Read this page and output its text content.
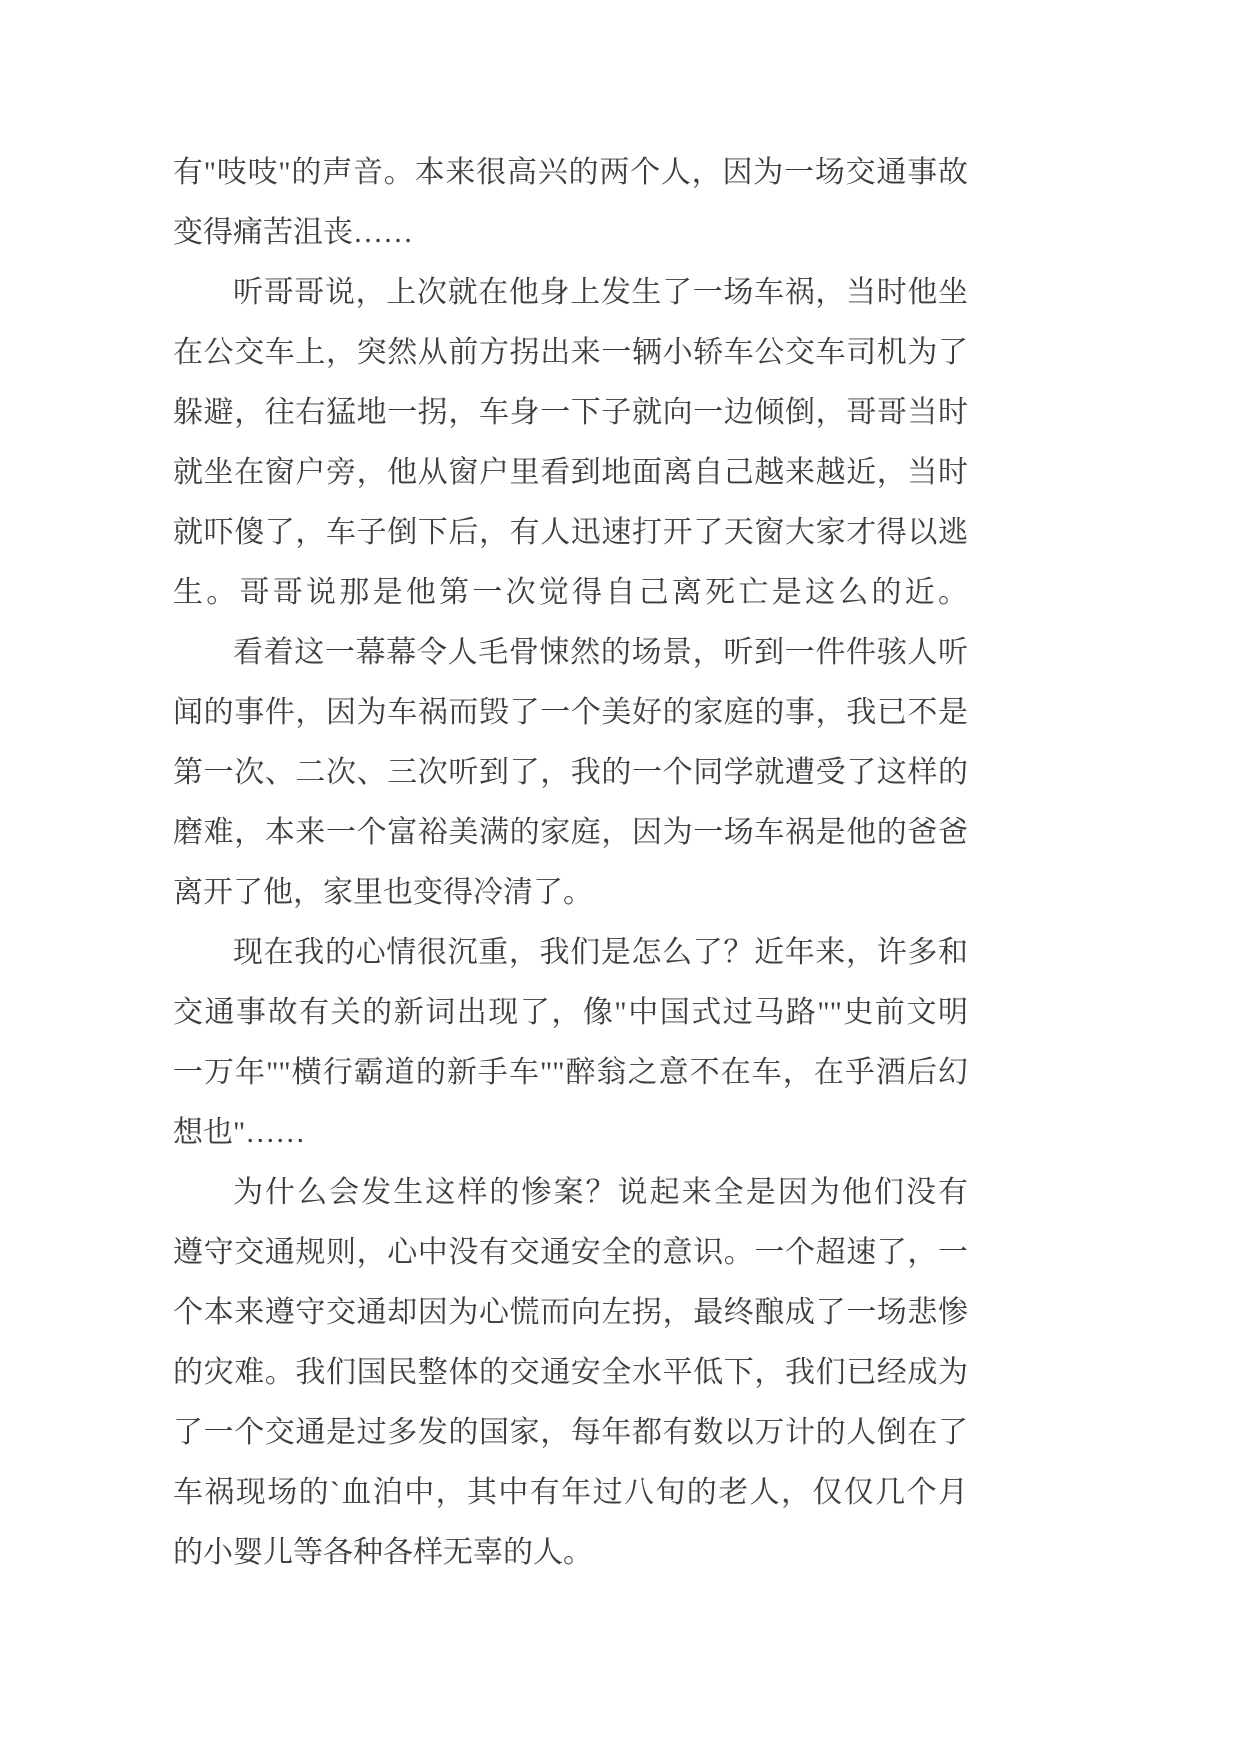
有"吱吱"的声音。本来很高兴的两个人，因为一场交通事故
变得痛苦沮丧……
听哥哥说，上次就在他身上发生了一场车祸，当时他坐
在公交车上，突然从前方拐出来一辆小轿车公交车司机为了
躲避，往右猛地一拐，车身一下子就向一边倾倒，哥哥当时
就坐在窗户旁，他从窗户里看到地面离自己越来越近，当时
就吓傻了，车子倒下后，有人迅速打开了天窗大家才得以逃
生。哥哥说那是他第一次觉得自己离死亡是这么的近。
看着这一幕幕令人毛骨悚然的场景，听到一件件骇人听
闻的事件，因为车祸而毁了一个美好的家庭的事，我已不是
第一次、二次、三次听到了，我的一个同学就遭受了这样的
磨难，本来一个富裕美满的家庭，因为一场车祸是他的爸爸
离开了他，家里也变得冷清了。
现在我的心情很沉重，我们是怎么了？近年来，许多和
交通事故有关的新词出现了，像"中国式过马路""史前文明
一万年""横行霸道的新手车""醉翁之意不在车，在乎酒后幻
想也"……
为什么会发生这样的惨案？说起来全是因为他们没有
遵守交通规则，心中没有交通安全的意识。一个超速了，一
个本来遵守交通却因为心慌而向左拐，最终酿成了一场悲惨
的灾难。我们国民整体的交通安全水平低下，我们已经成为
了一个交通是过多发的国家，每年都有数以万计的人倒在了
车祸现场的`血泊中，其中有年过八旬的老人，仅仅几个月
的小婴儿等各种各样无辜的人。
